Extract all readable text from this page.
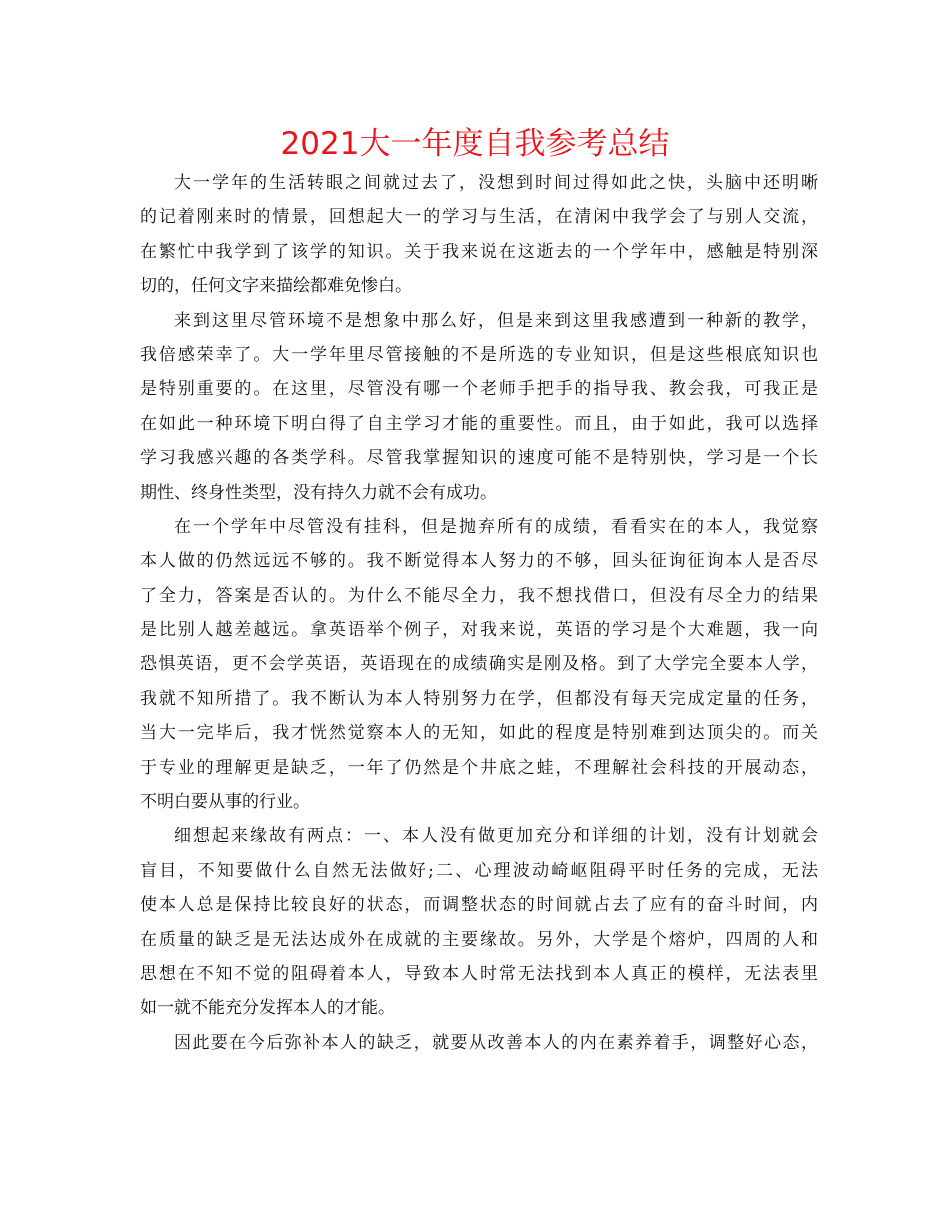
2021大一年度自我参考总结

大一学年的生活转眼之间就过去了，没想到时间过得如此之快，头脑中还明晰
的记着刚来时的情景，回想起大一的学习与生活，在清闲中我学会了与别人交流，
在繁忙中我学到了该学的知识。关于我来说在这逝去的一个学年中，感触是特别深
切的，任何文字来描绘都难免惨白。

来到这里尽管环境不是想象中那么好，但是来到这里我感遭到一种新的教学，
我倍感荣幸了。大一学年里尽管接触的不是所选的专业知识，但是这些根底知识也
是特别重要的。在这里，尽管没有哪一个老师手把手的指导我、教会我，可我正是
在如此一种环境下明白得了自主学习才能的重要性。而且，由于如此，我可以选择
学习我感兴趣的各类学科。尽管我掌握知识的速度可能不是特别快，学习是一个长
期性、终身性类型，没有持久力就不会有成功。

在一个学年中尽管没有挂科，但是抛弃所有的成绩，看看实在的本人，我觉察
本人做的仍然远远不够的。我不断觉得本人努力的不够，回头征询征询本人是否尽
了全力，答案是否认的。为什么不能尽全力，我不想找借口，但没有尽全力的结果
是比别人越差越远。拿英语举个例子，对我来说，英语的学习是个大难题，我一向
恐惧英语，更不会学英语，英语现在的成绩确实是刚及格。到了大学完全要本人学，
我就不知所措了。我不断认为本人特别努力在学，但都没有每天完成定量的任务，
当大一完毕后，我才恍然觉察本人的无知，如此的程度是特别难到达顶尖的。而关
于专业的理解更是缺乏，一年了仍然是个井底之蛙，不理解社会科技的开展动态，
不明白要从事的行业。

细想起来缘故有两点：一、本人没有做更加充分和详细的计划，没有计划就会
盲目，不知要做什么自然无法做好;二、心理波动崎岖阻碍平时任务的完成，无法
使本人总是保持比较良好的状态，而调整状态的时间就占去了应有的奋斗时间，内
在质量的缺乏是无法达成外在成就的主要缘故。另外，大学是个熔炉，四周的人和
思想在不知不觉的阻碍着本人，导致本人时常无法找到本人真正的模样，无法表里
如一就不能充分发挥本人的才能。

因此要在今后弥补本人的缺乏，就要从改善本人的内在素养着手，调整好心态，
